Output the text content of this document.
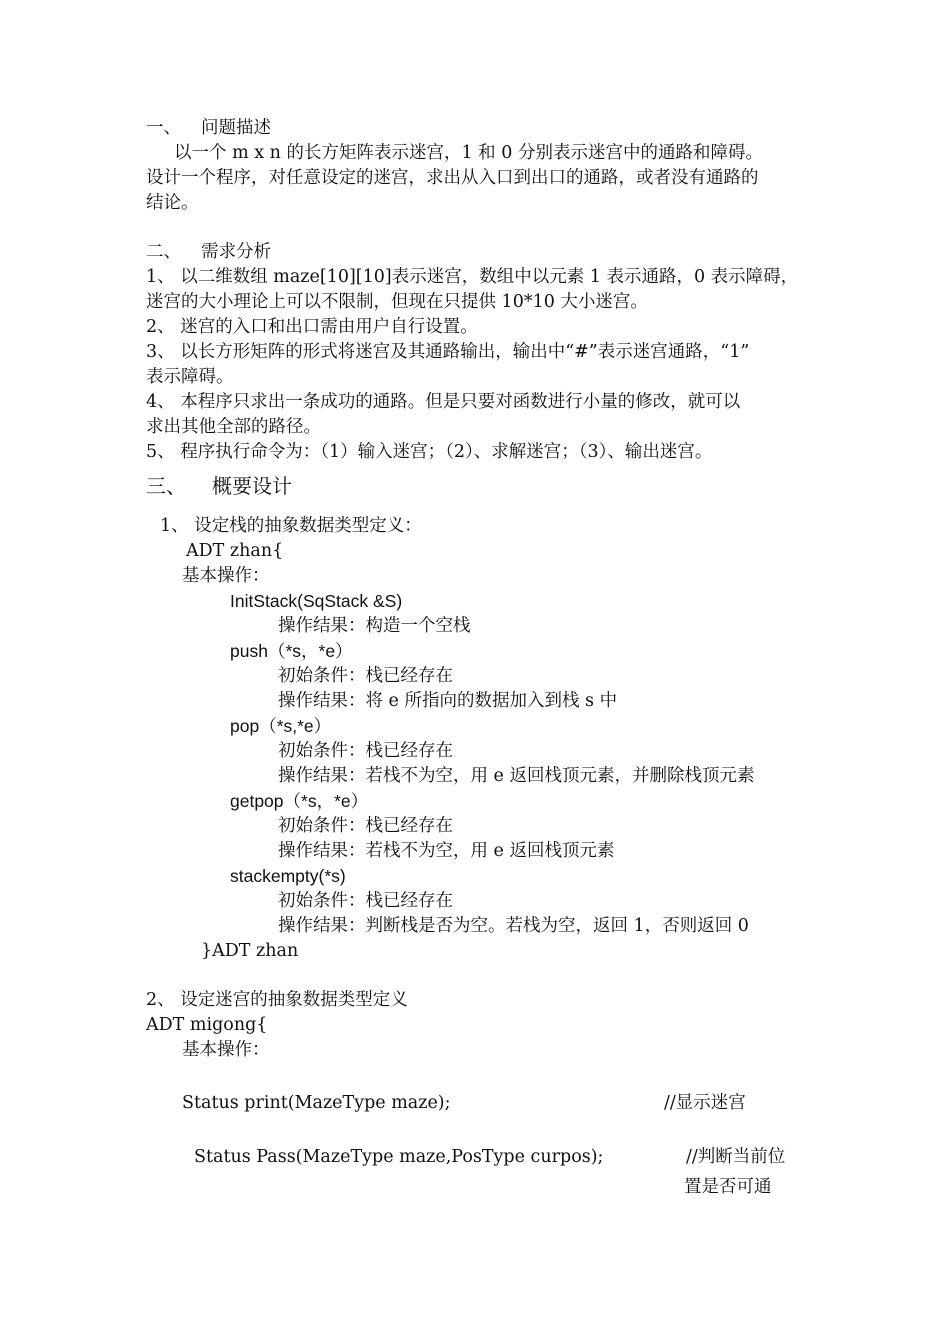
一、 问题描述
以一个 m x n 的长方矩阵表示迷宫，1 和 0 分别表示迷宫中的通路和障碍。
设计一个程序，对任意设定的迷宫，求出从入口到出口的通路，或者没有通路的
结论。
二、 需求分析
1、 以二维数组 maze[10][10]表示迷宫，数组中以元素 1 表示通路，0 表示障碍，
迷宫的大小理论上可以不限制，但现在只提供 10*10 大小迷宫。
2、 迷宫的入口和出口需由用户自行设置。
3、 以长方形矩阵的形式将迷宫及其通路输出，输出中“#”表示迷宫通路，“1”
表示障碍。
4、 本程序只求出一条成功的通路。但是只要对函数进行小量的修改，就可以
求出其他全部的路径。
5、 程序执行命令为：（1）输入迷宫；（2）、求解迷宫；（3）、输出迷宫。
三、 概要设计
1、 设定栈的抽象数据类型定义：
ADT zhan{
基本操作：
InitStack(SqStack &S)
操作结果：构造一个空栈
push（*s，*e）
初始条件：栈已经存在
操作结果：将 e 所指向的数据加入到栈 s 中
pop（*s,*e）
初始条件：栈已经存在
操作结果：若栈不为空，用 e 返回栈顶元素，并删除栈顶元素
getpop（*s，*e）
初始条件：栈已经存在
操作结果：若栈不为空，用 e 返回栈顶元素
stackempty(*s)
初始条件：栈已经存在
操作结果：判断栈是否为空。若栈为空，返回 1，否则返回 0
}ADT zhan
2、 设定迷宫的抽象数据类型定义
ADT migong{
基本操作：
Status print(MazeType maze);	//显示迷宫
Status Pass(MazeType maze,PosType curpos);	//判断当前位
置是否可通
